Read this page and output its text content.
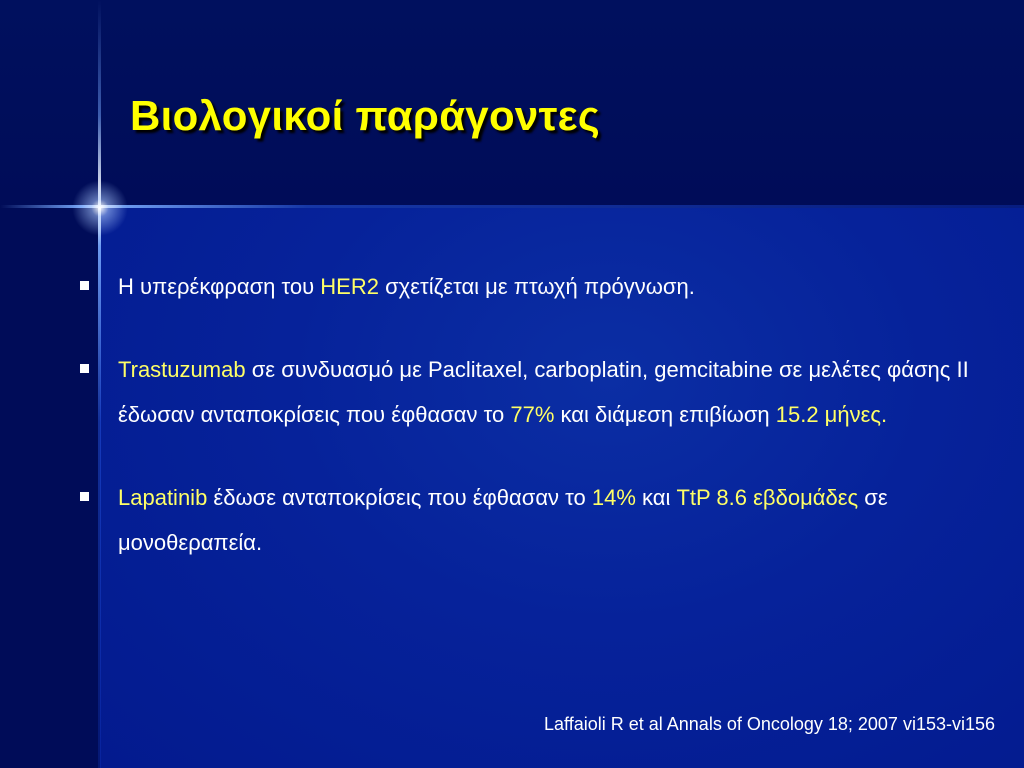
Βιολογικοί παράγοντες
Η υπερέκφραση του HER2 σχετίζεται με πτωχή πρόγνωση.
Trastuzumab σε συνδυασμό με Paclitaxel, carboplatin, gemcitabine σε μελέτες φάσης II έδωσαν ανταποκρίσεις που έφθασαν το 77% και διάμεση επιβίωση 15.2 μήνες.
Lapatinib έδωσε ανταποκρίσεις που έφθασαν το 14% και TtP 8.6 εβδομάδες σε μονοθεραπεία.
Laffaioli R et al Annals of Oncology 18; 2007 vi153-vi156
